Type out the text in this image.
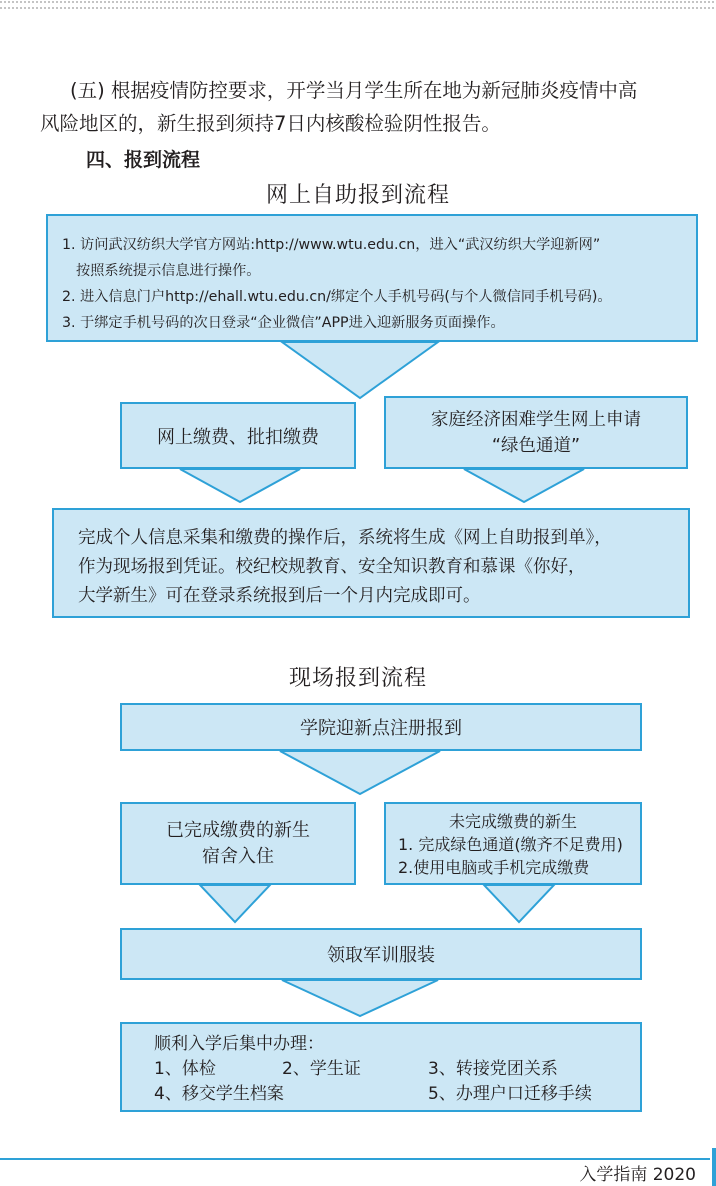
(五) 根据疫情防控要求，开学当月学生所在地为新冠肺炎疫情中高
风险地区的，新生报到须持7日内核酸检验阴性报告。
四、报到流程
网上自助报到流程

1. 访问武汉纺织大学官方网站:http://www.wtu.edu.cn，进入“武汉纺织大学迎新网”

按照系统提示信息进行操作。

2. 进入信息门户http://ehall.wtu.edu.cn/绑定个人手机号码(与个人微信同手机号码)。

3. 于绑定手机号码的次日登录“企业微信”APP进入迎新服务页面操作。

网上缴费、批扣缴费
家庭经济困难学生网上申请
“绿色通道”

完成个人信息采集和缴费的操作后，系统将生成《网上自助报到单》，

作为现场报到凭证。校纪校规教育、安全知识教育和慕课《你好，

大学新生》可在登录系统报到后一个月内完成即可。

现场报到流程
学院迎新点注册报到
已完成缴费的新生
宿舍入住

未完成缴费的新生

1. 完成绿色通道(缴齐不足费用)

2.使用电脑或手机完成缴费

领取军训服装

顺利入学后集中办理：

1、体检	2、学生证	3、转接党团关系

4、移交学生档案	5、办理户口迁移手续

入学指南 2020
